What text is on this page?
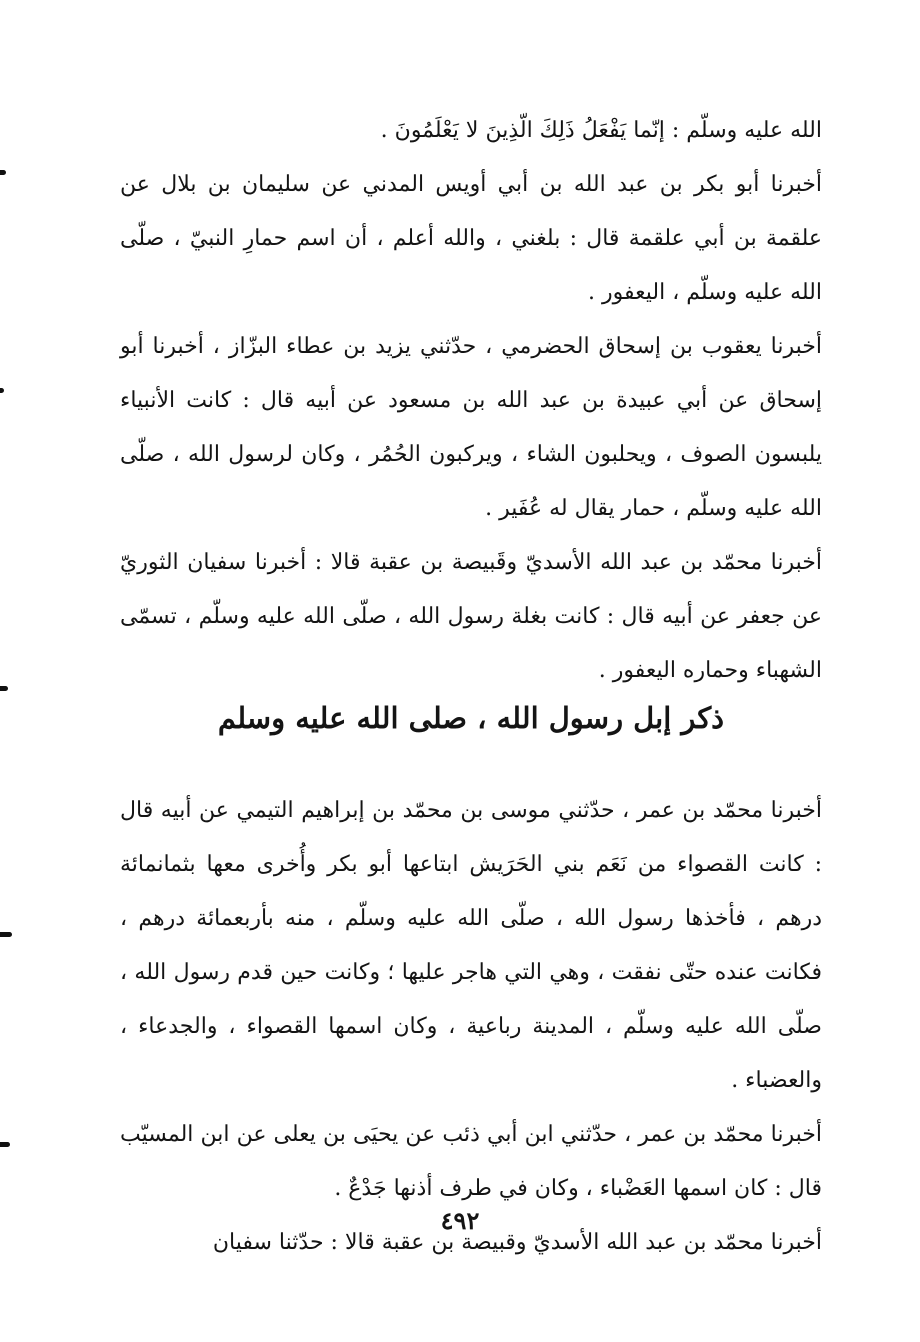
الله عليه وسلّم : إنّما يَفْعَلُ ذَلِكَ الّذِينَ لا يَعْلَمُونَ .

أخبرنا أبو بكر بن عبد الله بن أبي أويس المدني عن سليمان بن بلال عن علقمة بن أبي علقمة قال : بلغني ، والله أعلم ، أن اسم حمارِ النبيّ ، صلّى الله عليه وسلّم ، اليعفور .

أخبرنا يعقوب بن إسحاق الحضرمي ، حدّثني يزيد بن عطاء البزّاز ، أخبرنا أبو إسحاق عن أبي عبيدة بن عبد الله بن مسعود عن أبيه قال : كانت الأنبياء يلبسون الصوف ، ويحلبون الشاء ، ويركبون الحُمُر ، وكان لرسول الله ، صلّى الله عليه وسلّم ، حمار يقال له عُفَير .

أخبرنا محمّد بن عبد الله الأسديّ وقَبيصة بن عقبة قالا : أخبرنا سفيان الثوريّ عن جعفر عن أبيه قال : كانت بغلة رسول الله ، صلّى الله عليه وسلّم ، تسمّى الشهباء وحماره اليعفور .

ذكر إبل رسول الله ، صلى الله عليه وسلم

أخبرنا محمّد بن عمر ، حدّثني موسى بن محمّد بن إبراهيم التيمي عن أبيه قال : كانت القصواء من نَعَم بني الحَرَيش ابتاعها أبو بكر وأُخرى معها بثمانمائة درهم ، فأخذها رسول الله ، صلّى الله عليه وسلّم ، منه بأربعمائة درهم ، فكانت عنده حتّى نفقت ، وهي التي هاجر عليها ؛ وكانت حين قدم رسول الله ، صلّى الله عليه وسلّم ، المدينة رباعية ، وكان اسمها القصواء ، والجدعاء ، والعضباء .

أخبرنا محمّد بن عمر ، حدّثني ابن أبي ذئب عن يحيَى بن يعلى عن ابن المسيّب قال : كان اسمها العَضْباء ، وكان في طرف أذنها جَدْعٌ .

أخبرنا محمّد بن عبد الله الأسديّ وقبيصة بن عقبة قالا : حدّثنا سفيان

٤٩٢
